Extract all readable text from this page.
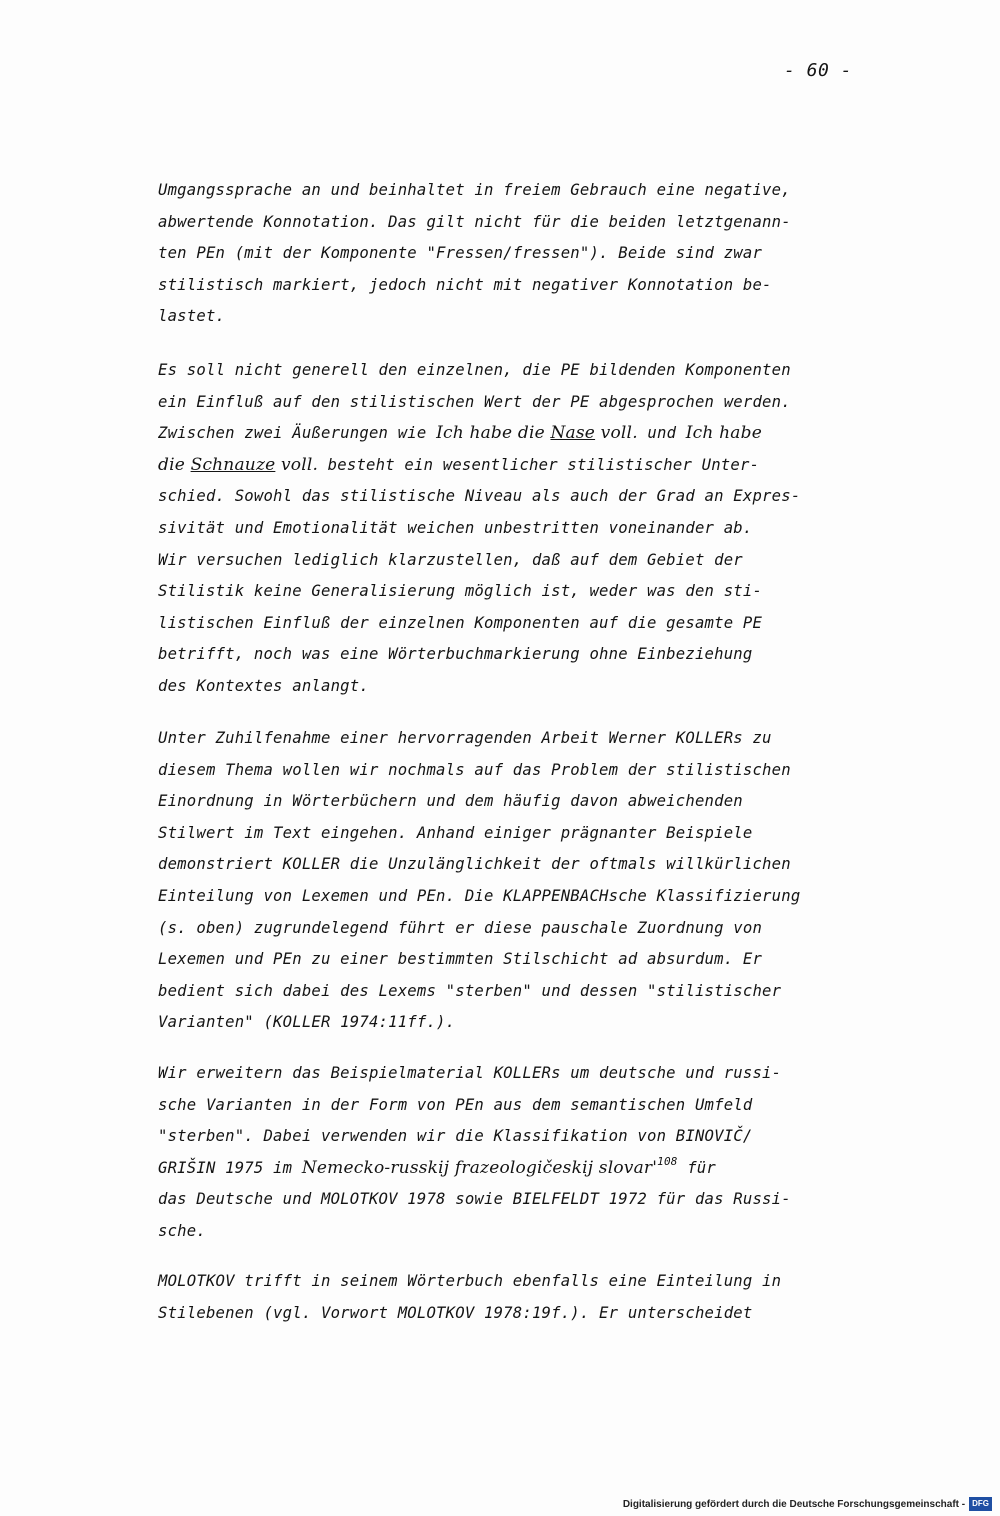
- 60 -
Umgangssprache an und beinhaltet in freiem Gebrauch eine negative,
abwertende Konnotation. Das gilt nicht für die beiden letztgenann-
ten PEn (mit der Komponente "Fressen/fressen"). Beide sind zwar
stilistisch markiert, jedoch nicht mit negativer Konnotation be-
lastet.
Es soll nicht generell den einzelnen, die PE bildenden Komponenten
ein Einfluß auf den stilistischen Wert der PE abgesprochen werden.
Zwischen zwei Äußerungen wie Ich habe die Nase voll. und Ich habe
die Schnauze voll. besteht ein wesentlicher stilistischer Unter-
schied. Sowohl das stilistische Niveau als auch der Grad an Expres-
sivität und Emotionalität weichen unbestritten voneinander ab.
Wir versuchen lediglich klarzustellen, daß auf dem Gebiet der
Stilistik keine Generalisierung möglich ist, weder was den sti-
listischen Einfluß der einzelnen Komponenten auf die gesamte PE
betrifft, noch was eine Wörterbuchmarkierung ohne Einbeziehung
des Kontextes anlangt.
Unter Zuhilfenahme einer hervorragenden Arbeit Werner KOLLERs zu
diesem Thema wollen wir nochmals auf das Problem der stilistischen
Einordnung in Wörterbüchern und dem häufig davon abweichenden
Stilwert im Text eingehen. Anhand einiger prägnanter Beispiele
demonstriert KOLLER die Unzulänglichkeit der oftmals willkürlichen
Einteilung von Lexemen und PEn. Die KLAPPENBACHsche Klassifizierung
(s. oben) zugrundelegend führt er diese pauschale Zuordnung von
Lexemen und PEn zu einer bestimmten Stilschicht ad absurdum. Er
bedient sich dabei des Lexems "sterben" und dessen "stilistischer
Varianten" (KOLLER 1974:11ff.).
Wir erweitern das Beispielmaterial KOLLERs um deutsche und russi-
sche Varianten in der Form von PEn aus dem semantischen Umfeld
"sterben". Dabei verwenden wir die Klassifikation von BINOVIČ/
GRIŠIN 1975 im Nemecko-russkij frazeologičeskij slovar'$^{108}$ für
das Deutsche und MOLOTKOV 1978 sowie BIELFELDT 1972 für das Russi-
sche.
MOLOTKOV trifft in seinem Wörterbuch ebenfalls eine Einteilung in
Stilebenen (vgl. Vorwort MOLOTKOV 1978:19f.). Er unterscheidet
Digitalisierung gefördert durch die Deutsche Forschungsgemeinschaft - DFG
